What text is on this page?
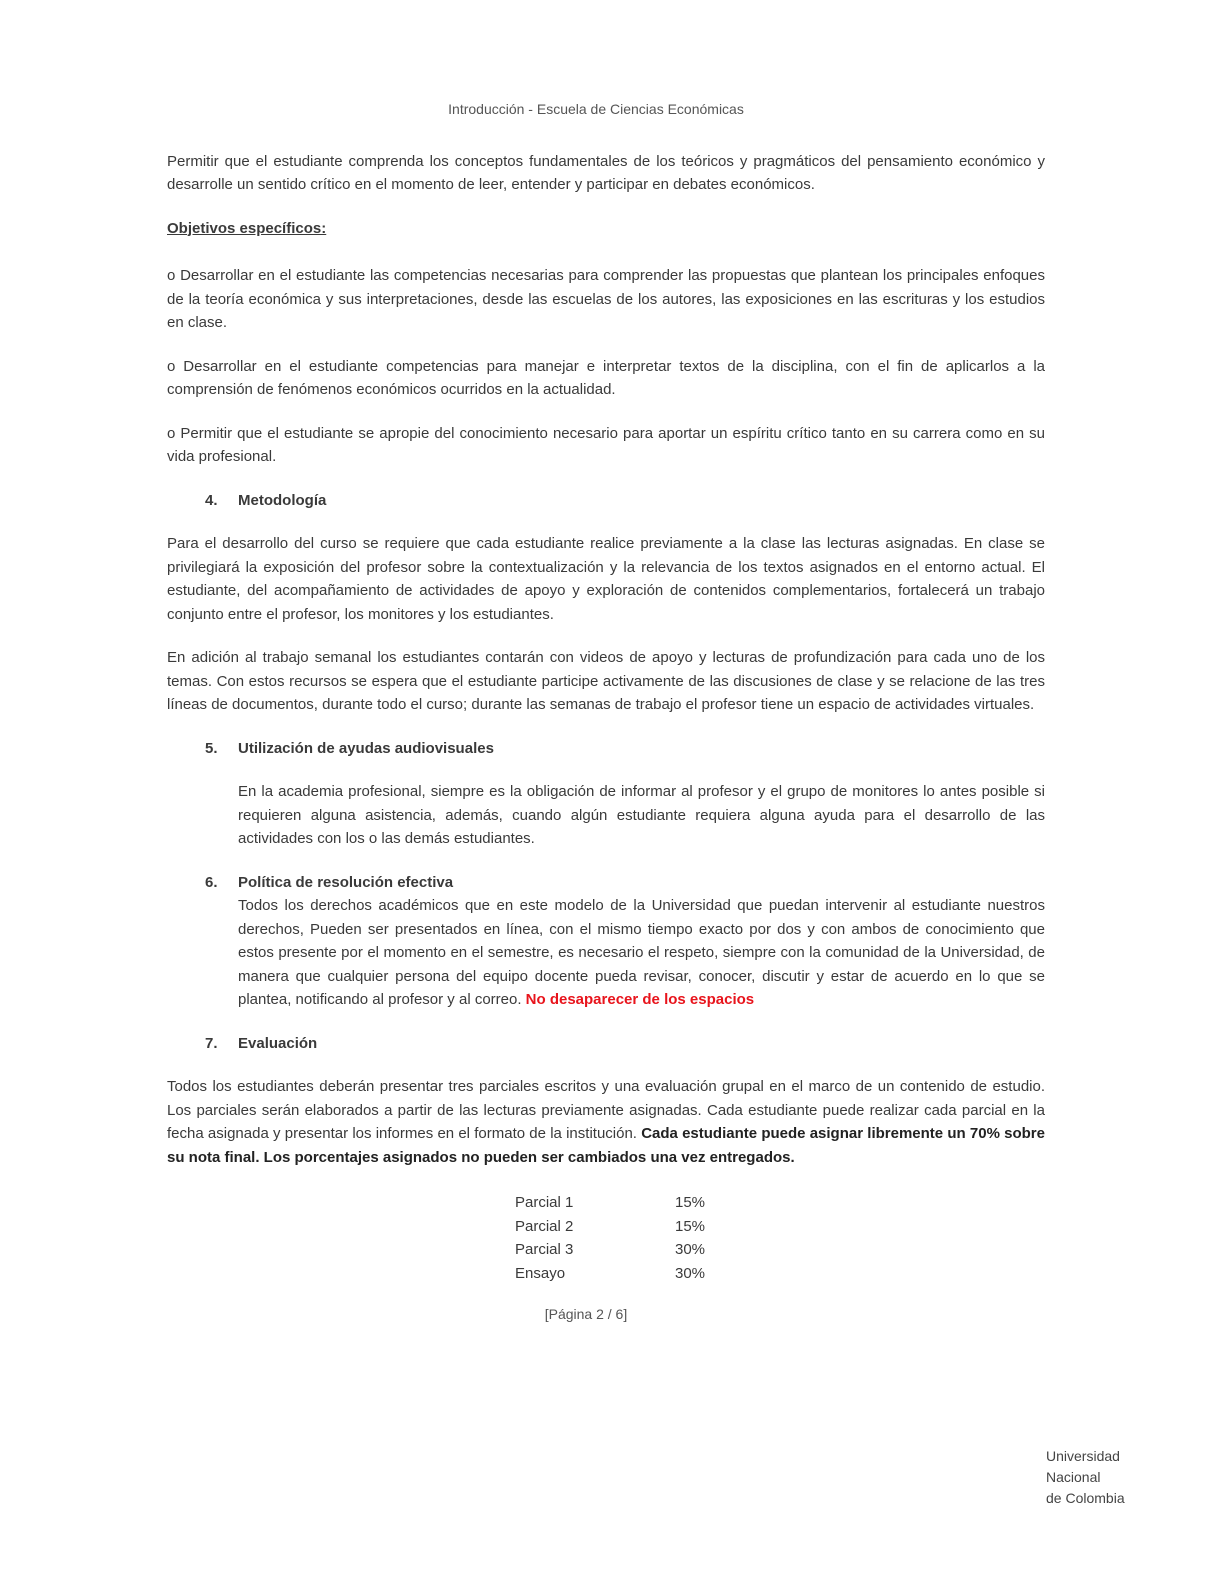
Introducción - Escuela de Ciencias Económicas

Permitir que el estudiante comprenda los conceptos fundamentales de los teóricos y pragmáticos del pensamiento económico y desarrolle un sentido crítico en el momento de leer, entender y participar en debates económicos.

Objetivos específicos:

o Desarrollar en el estudiante las competencias necesarias para comprender las propuestas que plantean los principales enfoques de la teoría económica y sus interpretaciones, desde las escuelas de los autores, las exposiciones en las escrituras y los estudios en clase.

o Desarrollar en el estudiante competencias para manejar e interpretar textos de la disciplina, con el fin de aplicarlos a la comprensión de fenómenos económicos ocurridos en la actualidad.

o Permitir que el estudiante se apropie del conocimiento necesario para aportar un espíritu crítico tanto en su carrera como en su vida profesional.

4.	Metodología

Para el desarrollo del curso se requiere que cada estudiante realice previamente a la clase las lecturas asignadas. En clase se privilegiará la exposición del profesor sobre la contextualización y la relevancia de los textos asignados en el entorno actual. El estudiante, del acompañamiento de actividades de apoyo y exploración de contenidos complementarios, fortalecerá un trabajo conjunto entre el profesor, los monitores y los estudiantes.

En adición al trabajo semanal los estudiantes contarán con videos de apoyo y lecturas de profundización para cada uno de los temas. Con estos recursos se espera que el estudiante participe activamente de las discusiones de clase y se relacione de las tres líneas de documentos, durante todo el curso; durante las semanas de trabajo el profesor tiene un espacio de actividades virtuales.

5.	Utilización de ayudas audiovisuales

En la academia profesional, siempre es la obligación de informar al profesor y el grupo de monitores lo antes posible si requieren alguna asistencia, además, cuando algún estudiante requiera alguna ayuda para el desarrollo de las actividades con los o las demás estudiantes.

6.	Política de resolución efectiva

Todos los derechos académicos que en este modelo de la Universidad que puedan intervenir al estudiante nuestros derechos, Pueden ser presentados en línea, con el mismo tiempo exacto por dos y con ambos de conocimiento que estos presente por el momento en el semestre, es necesario el respeto, siempre con la comunidad de la Universidad, de manera que cualquier persona del equipo docente pueda revisar, conocer, discutir y estar de acuerdo en lo que se plantea, notificando al profesor y al correo. No desaparecer de los espacios

7.	Evaluación

Todos los estudiantes deberán presentar tres parciales escritos y una evaluación grupal en el marco de un contenido de estudio. Los parciales serán elaborados a partir de las lecturas previamente asignadas. Cada estudiante puede realizar cada parcial en la fecha asignada y presentar los informes en el formato de la institución. Cada estudiante puede asignar libremente un 70% sobre su nota final. Los porcentajes asignados no pueden ser cambiados una vez entregados.

Parcial 1	15%
Parcial 2	15%
Parcial 3	30%
Ensayo	30%
[Página 2 / 6]
Universidad
Nacional
de Colombia
